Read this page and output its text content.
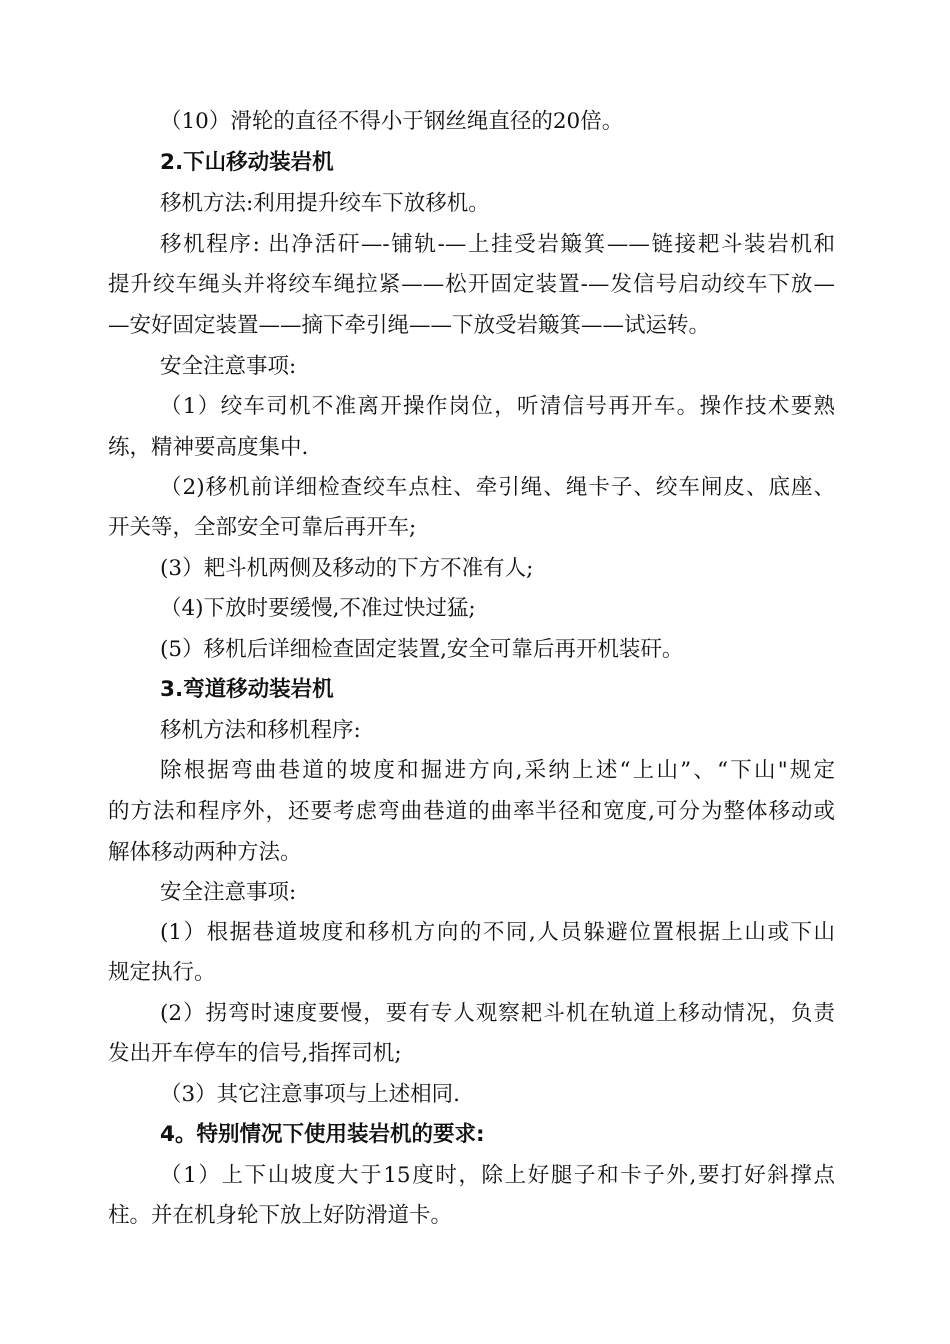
（10）滑轮的直径不得小于钢丝绳直径的20倍。
2.下山移动装岩机
移机方法:利用提升绞车下放移机。
移机程序: 出净活矸—-铺轨-—上挂受岩簸箕——链接耙斗装岩机和
提升绞车绳头并将绞车绳拉紧——松开固定装置-—发信号启动绞车下放—
—安好固定装置——摘下牵引绳——下放受岩簸箕——试运转。
安全注意事项:
（1）绞车司机不准离开操作岗位，听清信号再开车。操作技术要熟
练，精神要高度集中.
（2)移机前详细检查绞车点柱、牵引绳、绳卡子、绞车闸皮、底座、
开关等，全部安全可靠后再开车;
(3）耙斗机两侧及移动的下方不准有人;
（4)下放时要缓慢,不准过快过猛;
(5）移机后详细检查固定装置,安全可靠后再开机装矸。
3.弯道移动装岩机
移机方法和移机程序:
除根据弯曲巷道的坡度和掘进方向,采纳上述“上山”、“下山"规定
的方法和程序外，还要考虑弯曲巷道的曲率半径和宽度,可分为整体移动或
解体移动两种方法。
安全注意事项:
(1）根据巷道坡度和移机方向的不同,人员躲避位置根据上山或下山
规定执行。
(2）拐弯时速度要慢，要有专人观察耙斗机在轨道上移动情况，负责
发出开车停车的信号,指挥司机;
（3）其它注意事项与上述相同.
4。特别情况下使用装岩机的要求:
（1）上下山坡度大于15度时，除上好腿子和卡子外,要打好斜撑点
柱。并在机身轮下放上好防滑道卡。
